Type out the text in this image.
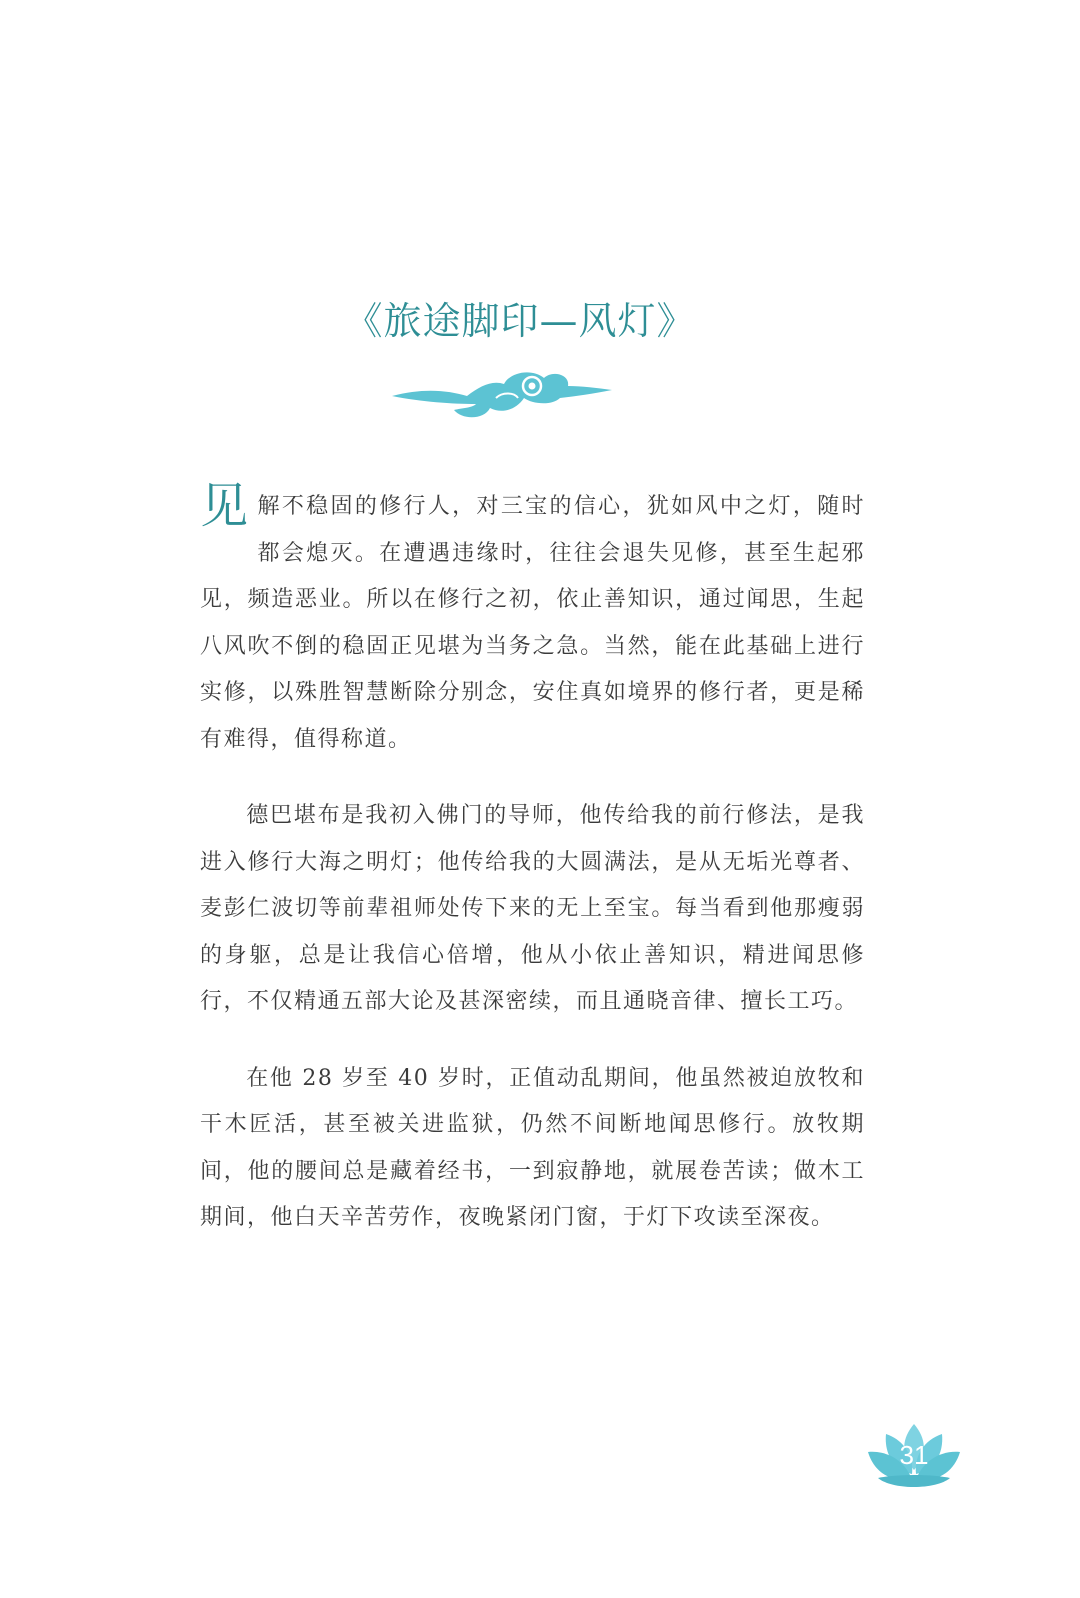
《旅途脚印—风灯》

见解不稳固的修行人，对三宝的信心，犹如风中之灯，随时都会熄灭。在遭遇违缘时，往往会退失见修，甚至生起邪见，频造恶业。所以在修行之初，依止善知识，通过闻思，生起八风吹不倒的稳固正见堪为当务之急。当然，能在此基础上进行实修，以殊胜智慧断除分别念，安住真如境界的修行者，更是稀有难得，值得称道。

德巴堪布是我初入佛门的导师，他传给我的前行修法，是我进入修行大海之明灯；他传给我的大圆满法，是从无垢光尊者、麦彭仁波切等前辈祖师处传下来的无上至宝。每当看到他那瘦弱的身躯，总是让我信心倍增，他从小依止善知识，精进闻思修行，不仅精通五部大论及甚深密续，而且通晓音律、擅长工巧。

在他 28 岁至 40 岁时，正值动乱期间，他虽然被迫放牧和干木匠活，甚至被关进监狱，仍然不间断地闻思修行。放牧期间，他的腰间总是藏着经书，一到寂静地，就展卷苦读；做木工期间，他白天辛苦劳作，夜晚紧闭门窗，于灯下攻读至深夜。

31
